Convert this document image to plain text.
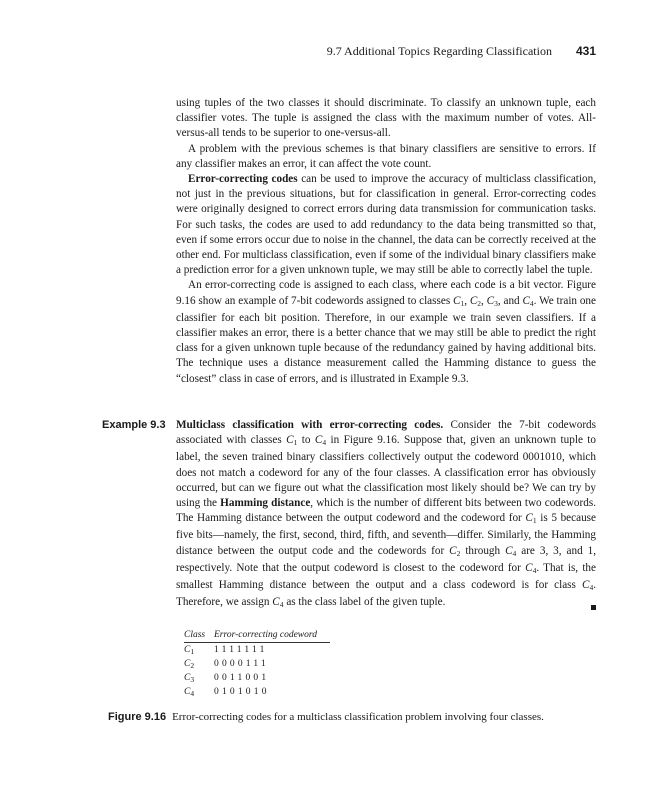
9.7 Additional Topics Regarding Classification 431

using tuples of the two classes it should discriminate. To classify an unknown tuple, each classifier votes. The tuple is assigned the class with the maximum number of votes. All-versus-all tends to be superior to one-versus-all.

A problem with the previous schemes is that binary classifiers are sensitive to errors. If any classifier makes an error, it can affect the vote count.

Error-correcting codes can be used to improve the accuracy of multiclass classification, not just in the previous situations, but for classification in general. Error-correcting codes were originally designed to correct errors during data transmission for communication tasks. For such tasks, the codes are used to add redundancy to the data being transmitted so that, even if some errors occur due to noise in the channel, the data can be correctly received at the other end. For multiclass classification, even if some of the individual binary classifiers make a prediction error for a given unknown tuple, we may still be able to correctly label the tuple.

An error-correcting code is assigned to each class, where each code is a bit vector. Figure 9.16 show an example of 7-bit codewords assigned to classes $C_1$, $C_2$, $C_3$, and $C_4$. We train one classifier for each bit position. Therefore, in our example we train seven classifiers. If a classifier makes an error, there is a better chance that we may still be able to predict the right class for a given unknown tuple because of the redundancy gained by having additional bits. The technique uses a distance measurement called the Hamming distance to guess the “closest” class in case of errors, and is illustrated in Example 9.3.

Example 9.3 Multiclass classification with error-correcting codes. Consider the 7-bit codewords associated with classes $C_1$ to $C_4$ in Figure 9.16. Suppose that, given an unknown tuple to label, the seven trained binary classifiers collectively output the codeword 0001010, which does not match a codeword for any of the four classes. A classification error has obviously occurred, but can we figure out what the classification most likely should be? We can try by using the Hamming distance, which is the number of different bits between two codewords. The Hamming distance between the output codeword and the codeword for $C_1$ is 5 because five bits—namely, the first, second, third, fifth, and seventh—differ. Similarly, the Hamming distance between the output code and the codewords for $C_2$ through $C_4$ are 3, 3, and 1, respectively. Note that the output codeword is closest to the codeword for $C_4$. That is, the smallest Hamming distance between the output and a class codeword is for class $C_4$. Therefore, we assign $C_4$ as the class label of the given tuple.
Class Error-correcting codeword
$C_1$	1111111
$C_2$	0000111
$C_3$	0011001
$C_4$	0101010
Figure 9.16 Error-correcting codes for a multiclass classification problem involving four classes.
